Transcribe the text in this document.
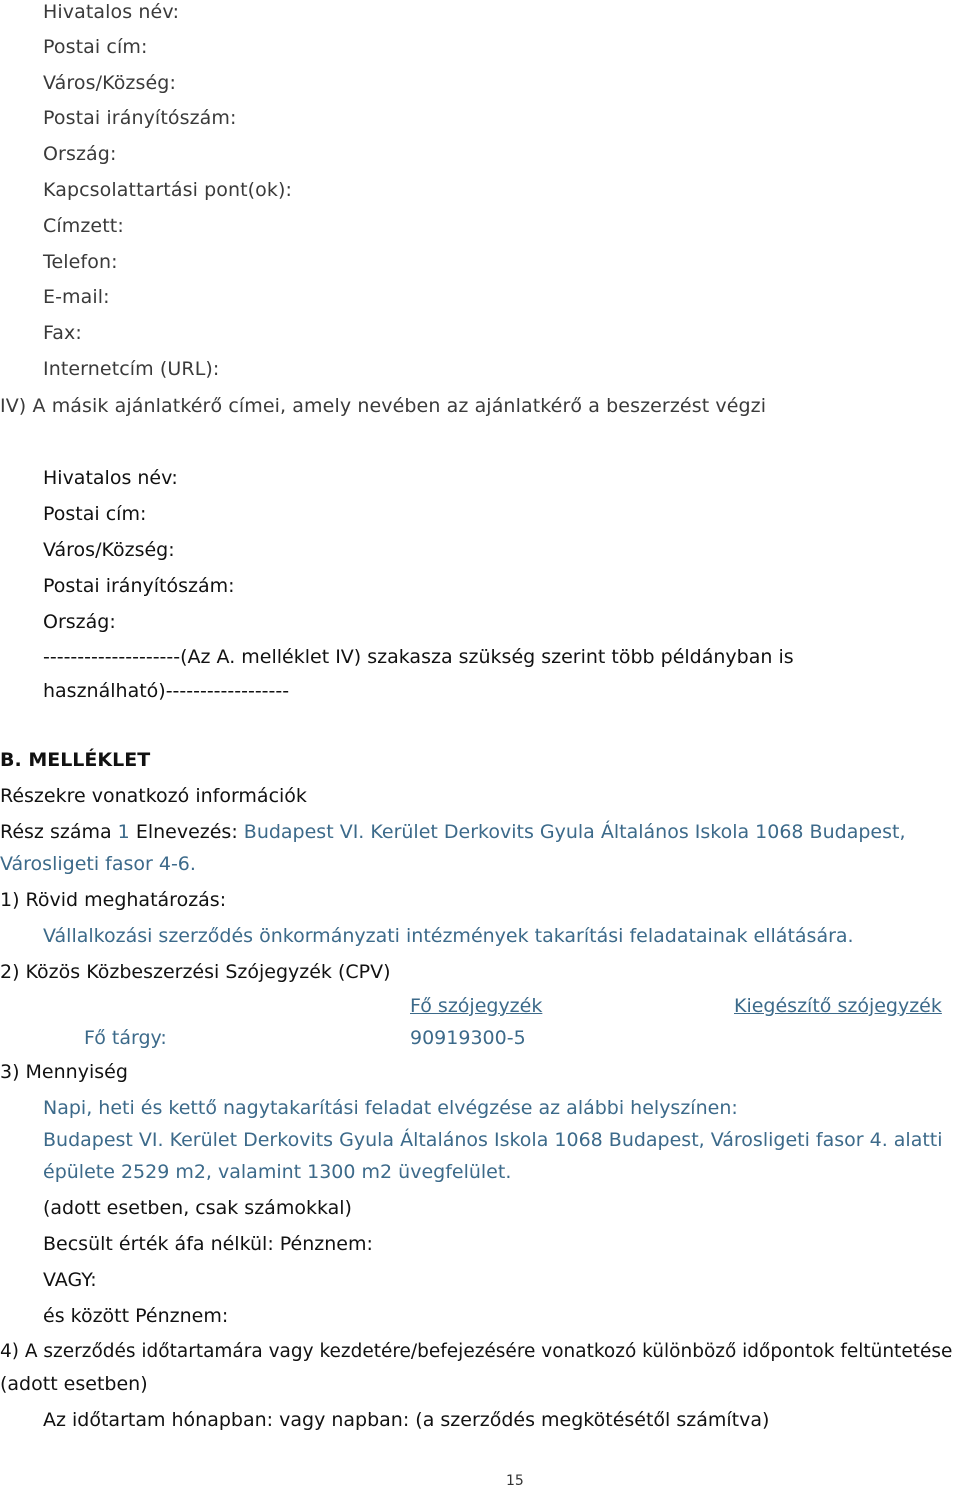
Hivatalos név:
Postai cím:
Város/Község:
Postai irányítószám:
Ország:
Kapcsolattartási pont(ok):
Címzett:
Telefon:
E-mail:
Fax:
Internetcím (URL):
IV) A másik ajánlatkérő címei, amely nevében az ajánlatkérő a beszerzést végzi
Hivatalos név:
Postai cím:
Város/Község:
Postai irányítószám:
Ország:
--------------------(Az A. melléklet IV) szakasza szükség szerint több példányban is
használható)------------------
B. MELLÉKLET
Részekre vonatkozó információk
Rész száma 1 Elnevezés: Budapest VI. Kerület Derkovits Gyula Általános Iskola 1068 Budapest,
Városligeti fasor 4-6.
1) Rövid meghatározás:
Vállalkozási szerződés önkormányzati intézmények takarítási feladatainak ellátására.
2) Közös Közbeszerzési Szójegyzék (CPV)
Fő szójegyzék	Kiegészítő szójegyzék
Fő tárgy:	90919300-5
3) Mennyiség
Napi, heti és kettő nagytakarítási feladat elvégzése az alábbi helyszínen:
Budapest VI. Kerület Derkovits Gyula Általános Iskola 1068 Budapest, Városligeti fasor 4. alatti
épülete 2529 m2, valamint 1300 m2 üvegfelület.
(adott esetben, csak számokkal)
Becsült érték áfa nélkül: Pénznem:
VAGY:
és között Pénznem:
4) A szerződés időtartamára vagy kezdetére/befejezésére vonatkozó különböző időpontok feltüntetése
(adott esetben)
Az időtartam hónapban: vagy napban: (a szerződés megkötésétől számítva)
15
